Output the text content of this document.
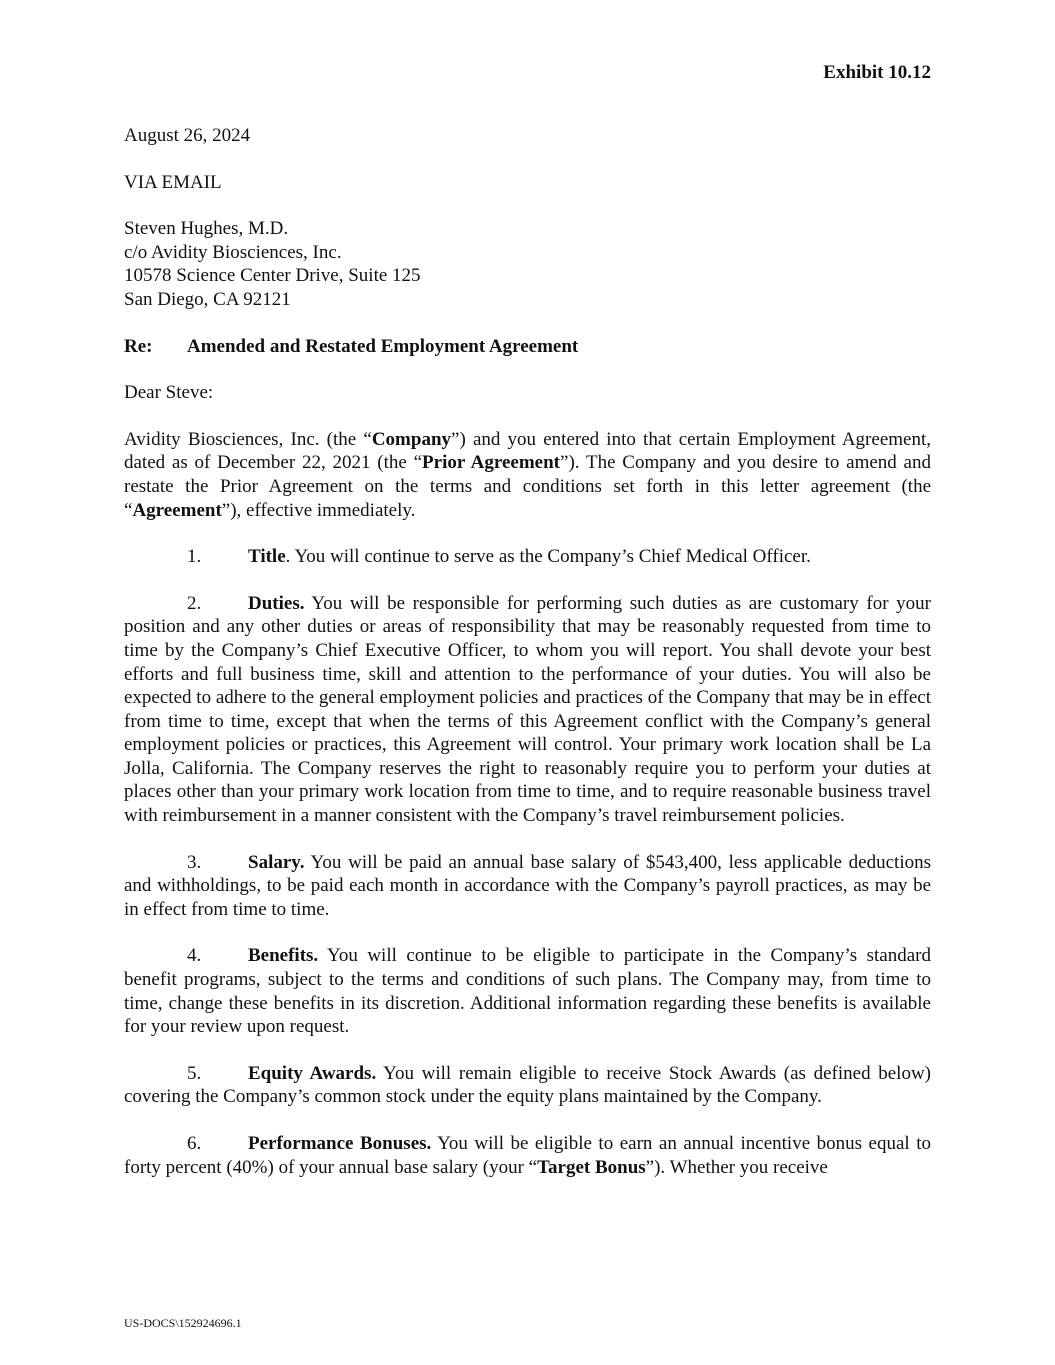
Exhibit 10.12
August 26, 2024
VIA EMAIL
Steven Hughes, M.D.
c/o Avidity Biosciences, Inc.
10578 Science Center Drive, Suite 125
San Diego, CA 92121
Re:	Amended and Restated Employment Agreement
Dear Steve:

Avidity Biosciences, Inc. (the “Company”) and you entered into that certain Employment Agreement, dated as of December 22, 2021 (the “Prior Agreement”). The Company and you desire to amend and restate the Prior Agreement on the terms and conditions set forth in this letter agreement (the “Agreement”), effective immediately.

1. Title. You will continue to serve as the Company’s Chief Medical Officer.

2. Duties. You will be responsible for performing such duties as are customary for your position and any other duties or areas of responsibility that may be reasonably requested from time to time by the Company’s Chief Executive Officer, to whom you will report. You shall devote your best efforts and full business time, skill and attention to the performance of your duties. You will also be expected to adhere to the general employment policies and practices of the Company that may be in effect from time to time, except that when the terms of this Agreement conflict with the Company’s general employment policies or practices, this Agreement will control. Your primary work location shall be La Jolla, California. The Company reserves the right to reasonably require you to perform your duties at places other than your primary work location from time to time, and to require reasonable business travel with reimbursement in a manner consistent with the Company’s travel reimbursement policies.

3. Salary. You will be paid an annual base salary of $543,400, less applicable deductions and withholdings, to be paid each month in accordance with the Company’s payroll practices, as may be in effect from time to time.

4. Benefits. You will continue to be eligible to participate in the Company’s standard benefit programs, subject to the terms and conditions of such plans. The Company may, from time to time, change these benefits in its discretion. Additional information regarding these benefits is available for your review upon request.

5. Equity Awards. You will remain eligible to receive Stock Awards (as defined below) covering the Company’s common stock under the equity plans maintained by the Company.

6. Performance Bonuses. You will be eligible to earn an annual incentive bonus equal to forty percent (40%) of your annual base salary (your “Target Bonus”). Whether you receive

US-DOCS\152924696.1
